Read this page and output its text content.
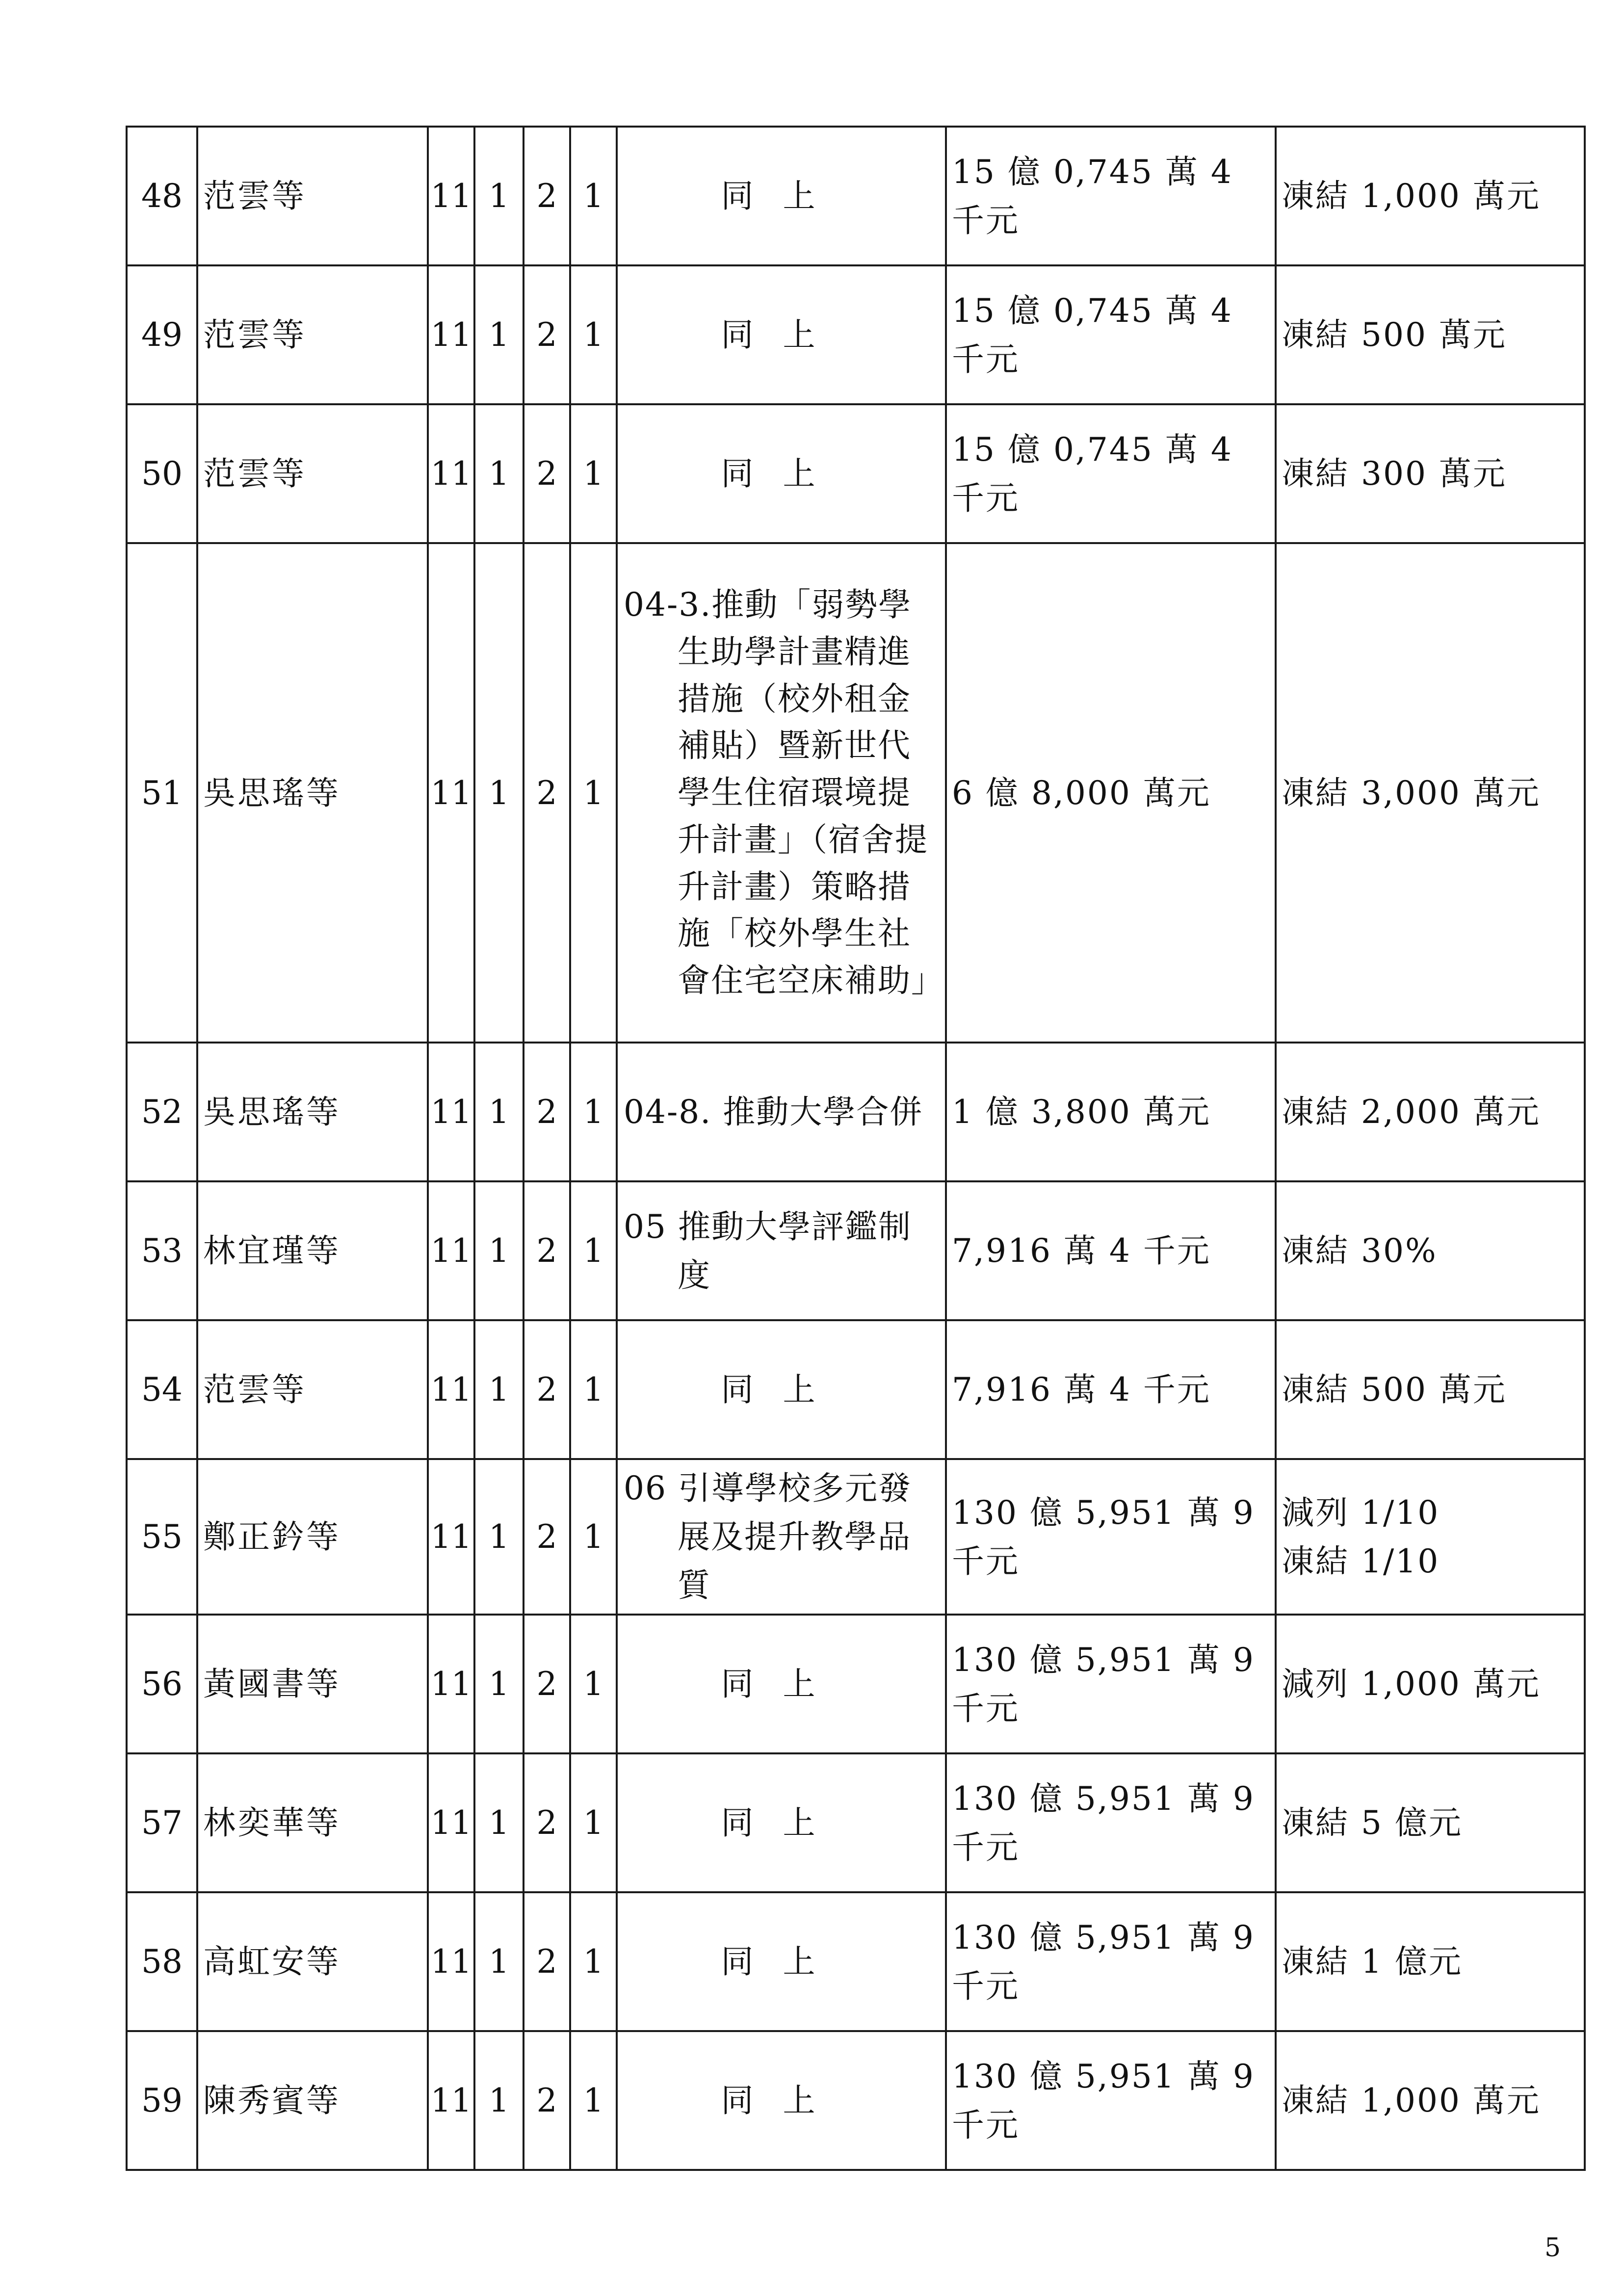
48	范雲等	11	1	2	1	同上	15 億 0,745 萬 4 千元	凍結 1,000 萬元

49	范雲等	11	1	2	1	同上	15 億 0,745 萬 4 千元	凍結 500 萬元

50	范雲等	11	1	2	1	同上	15 億 0,745 萬 4 千元	凍結 300 萬元

51	吳思瑤等	11	1	2	1	04-3.推動「弱勢學生助學計畫精進措施（校外租金補貼）暨新世代學生住宿環境提升計畫」（宿舍提升計畫）策略措施「校外學生社會住宅空床補助」	6 億 8,000 萬元	凍結 3,000 萬元

52	吳思瑤等	11	1	2	1	04-8. 推動大學合併	1 億 3,800 萬元	凍結 2,000 萬元

53	林宜瑾等	11	1	2	1	05 推動大學評鑑制度	7,916 萬 4 千元	凍結 30%

54	范雲等	11	1	2	1	同上	7,916 萬 4 千元	凍結 500 萬元

55	鄭正鈐等	11	1	2	1	06 引導學校多元發展及提升教學品質	130 億 5,951 萬 9 千元	減列 1/10
凍結 1/10

56	黃國書等	11	1	2	1	同上	130 億 5,951 萬 9 千元	減列 1,000 萬元

57	林奕華等	11	1	2	1	同上	130 億 5,951 萬 9 千元	凍結 5 億元

58	高虹安等	11	1	2	1	同上	130 億 5,951 萬 9 千元	凍結 1 億元

59	陳秀賓等	11	1	2	1	同上	130 億 5,951 萬 9 千元	凍結 1,000 萬元
5
